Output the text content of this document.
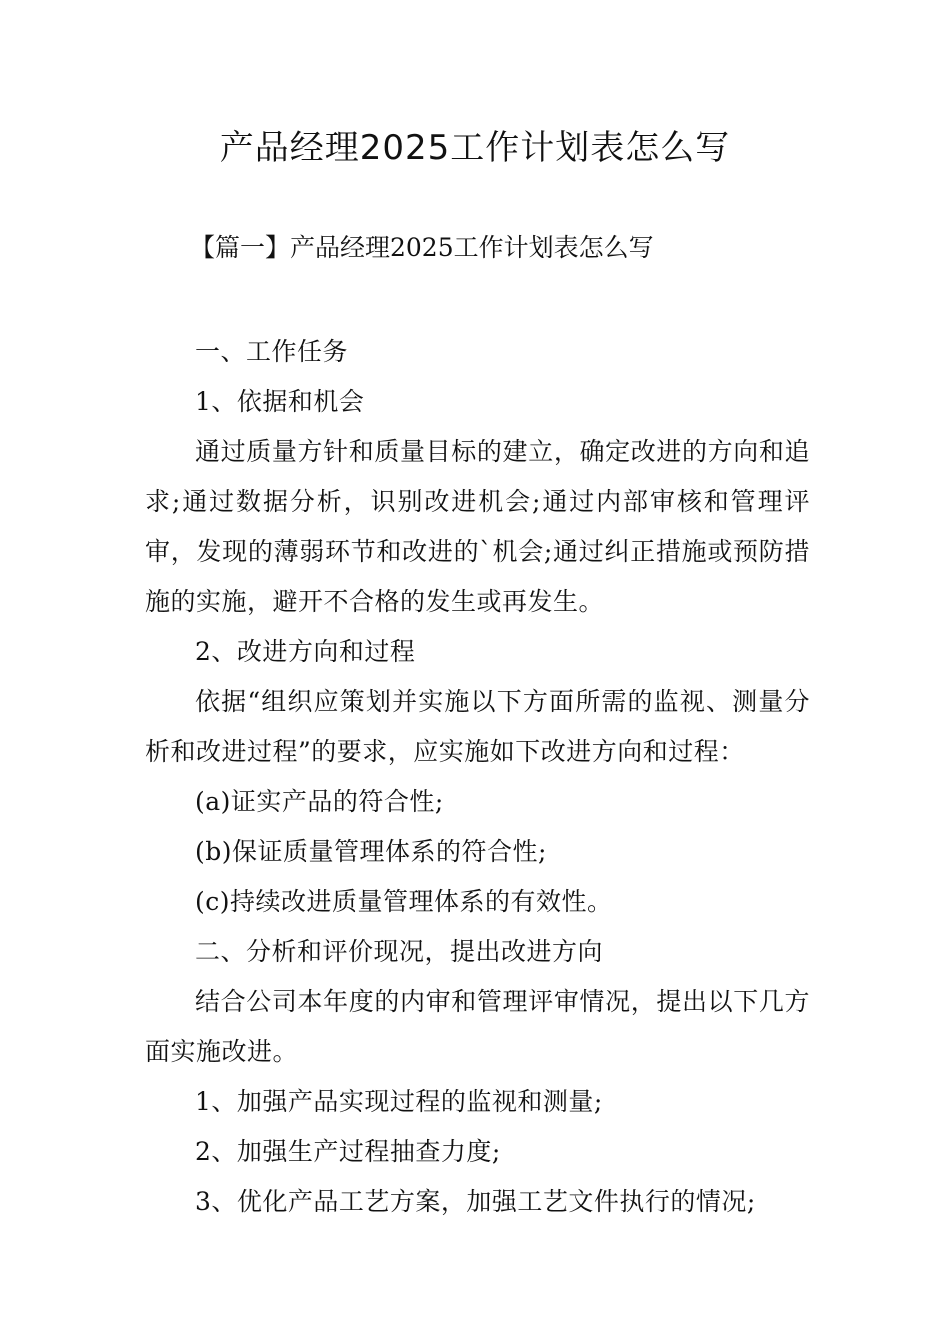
产品经理2025工作计划表怎么写
【篇一】产品经理2025工作计划表怎么写

一、工作任务

1、依据和机会

通过质量方针和质量目标的建立，确定改进的方向和追求;通过数据分析，识别改进机会;通过内部审核和管理评审，发现的薄弱环节和改进的`机会;通过纠正措施或预防措施的实施，避开不合格的发生或再发生。

2、改进方向和过程

依据“组织应策划并实施以下方面所需的监视、测量分析和改进过程”的要求，应实施如下改进方向和过程：

(a)证实产品的符合性;

(b)保证质量管理体系的符合性;

(c)持续改进质量管理体系的有效性。

二、分析和评价现况，提出改进方向

结合公司本年度的内审和管理评审情况，提出以下几方面实施改进。

1、加强产品实现过程的监视和测量;

2、加强生产过程抽查力度;

3、优化产品工艺方案，加强工艺文件执行的情况;
